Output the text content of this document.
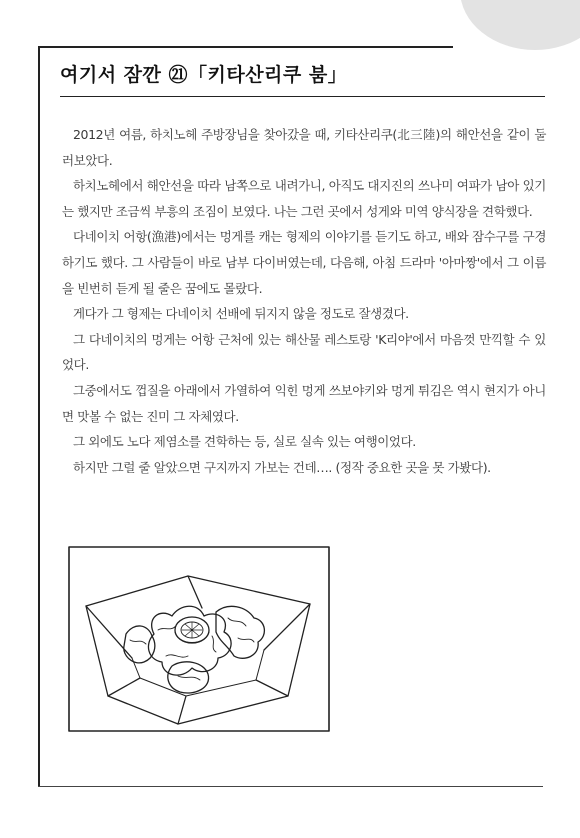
여기서 잠깐 ㉑「키타산리쿠 붐」

2012년 여름, 하치노헤 주방장님을 찾아갔을 때, 키타산리쿠(北三陸)의 해안선을 같이 둘러보았다.

하치노헤에서 해안선을 따라 남쪽으로 내려가니, 아직도 대지진의 쓰나미 여파가 남아 있기는 했지만 조금씩 부흥의 조짐이 보였다. 나는 그런 곳에서 성게와 미역 양식장을 견학했다.

다네이치 어항(漁港)에서는 멍게를 캐는 형제의 이야기를 듣기도 하고, 배와 잠수구를 구경하기도 했다. 그 사람들이 바로 남부 다이버였는데, 다음해, 아침 드라마 '아마짱'에서 그 이름을 빈번히 듣게 될 줄은 꿈에도 몰랐다.

게다가 그 형제는 다네이치 선배에 뒤지지 않을 정도로 잘생겼다.

그 다네이치의 멍게는 어항 근처에 있는 해산물 레스토랑 'K리야'에서 마음껏 만끽할 수 있었다.

그중에서도 껍질을 아래에서 가열하여 익힌 멍게 쓰보야키와 멍게 튀김은 역시 현지가 아니면 맛볼 수 없는 진미 그 자체였다.

그 외에도 노다 제염소를 견학하는 등, 실로 실속 있는 여행이었다.

하지만 그럴 줄 알았으면 구지까지 가보는 건데…. (정작 중요한 곳을 못 가봤다).
